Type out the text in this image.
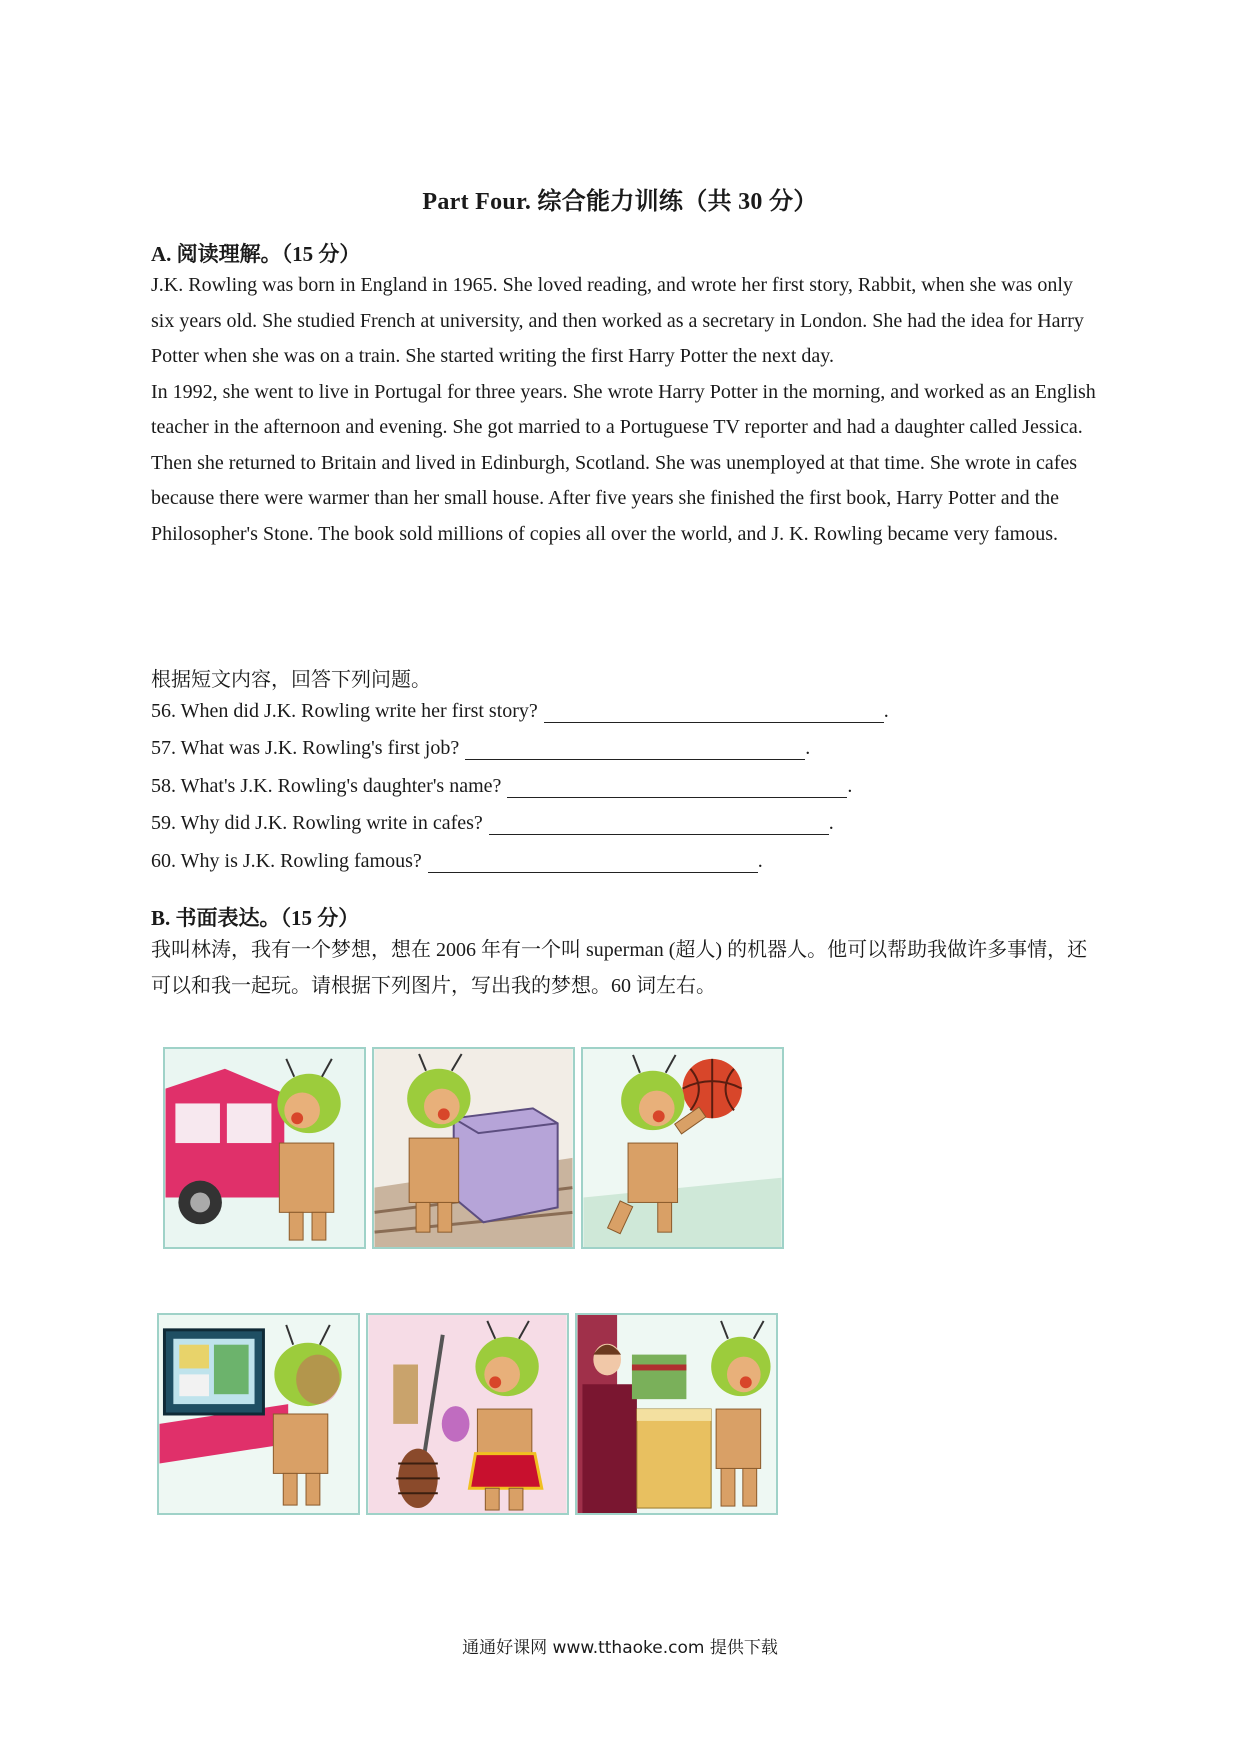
Part Four. 综合能力训练（共 30 分）
A. 阅读理解。（15 分）

J.K. Rowling was born in England in 1965. She loved reading, and wrote her first story, Rabbit, when she was only six years old. She studied French at university, and then worked as a secretary in London. She had the idea for Harry Potter when she was on a train. She started writing the first Harry Potter the next day.

In 1992, she went to live in Portugal for three years. She wrote Harry Potter in the morning, and worked as an English teacher in the afternoon and evening. She got married to a Portuguese TV reporter and had a daughter called Jessica.

Then she returned to Britain and lived in Edinburgh, Scotland. She was unemployed at that time. She wrote in cafes because there were warmer than her small house. After five years she finished the first book, Harry Potter and the Philosopher's Stone. The book sold millions of copies all over the world, and J. K. Rowling became very famous.

根据短文内容，回答下列问题。
56. When did J.K. Rowling write her first story?	.
57. What was J.K. Rowling's first job?	.
58. What's J.K. Rowling's daughter's name?	.
59. Why did J.K. Rowling write in cafes?	.
60. Why is J.K. Rowling famous?	.
B. 书面表达。（15 分）

我叫林涛，我有一个梦想，想在 2006 年有一个叫 superman (超人) 的机器人。他可以帮助我做许多事情，还可以和我一起玩。请根据下列图片，写出我的梦想。60 词左右。

通通好课网 www.tthaoke.com 提供下载
